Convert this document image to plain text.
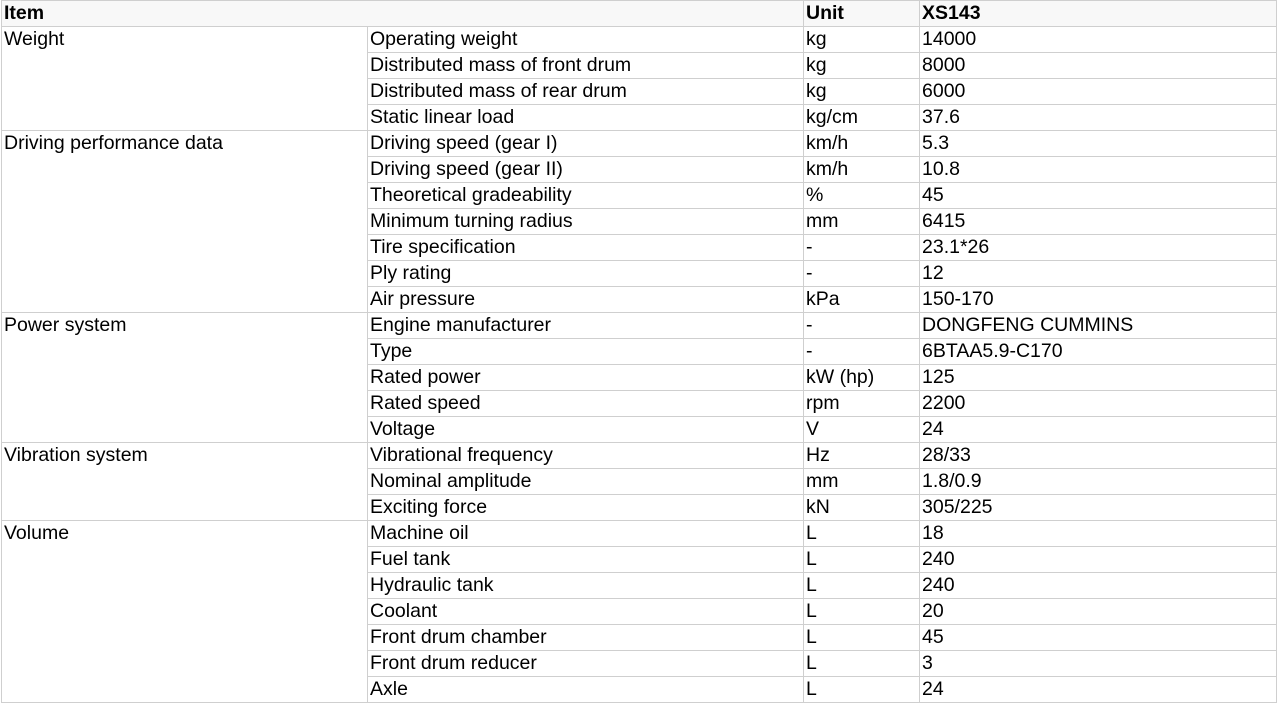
Item		Unit	XS143
Weight	Operating weight	kg	14000
	Distributed mass of front drum	kg	8000
	Distributed mass of rear drum	kg	6000
	Static linear load	kg/cm	37.6
Driving performance data	Driving speed (gear I)	km/h	5.3
	Driving speed (gear II)	km/h	10.8
	Theoretical gradeability	%	45
	Minimum turning radius	mm	6415
	Tire specification	-	23.1*26
	Ply rating	-	12
	Air pressure	kPa	150-170
Power system	Engine manufacturer	-	DONGFENG CUMMINS
	Type	-	6BTAA5.9-C170
	Rated power	kW (hp)	125
	Rated speed	rpm	2200
	Voltage	V	24
Vibration system	Vibrational frequency	Hz	28/33
	Nominal amplitude	mm	1.8/0.9
	Exciting force	kN	305/225
Volume	Machine oil	L	18
	Fuel tank	L	240
	Hydraulic tank	L	240
	Coolant	L	20
	Front drum chamber	L	45
	Front drum reducer	L	3
	Axle	L	24
